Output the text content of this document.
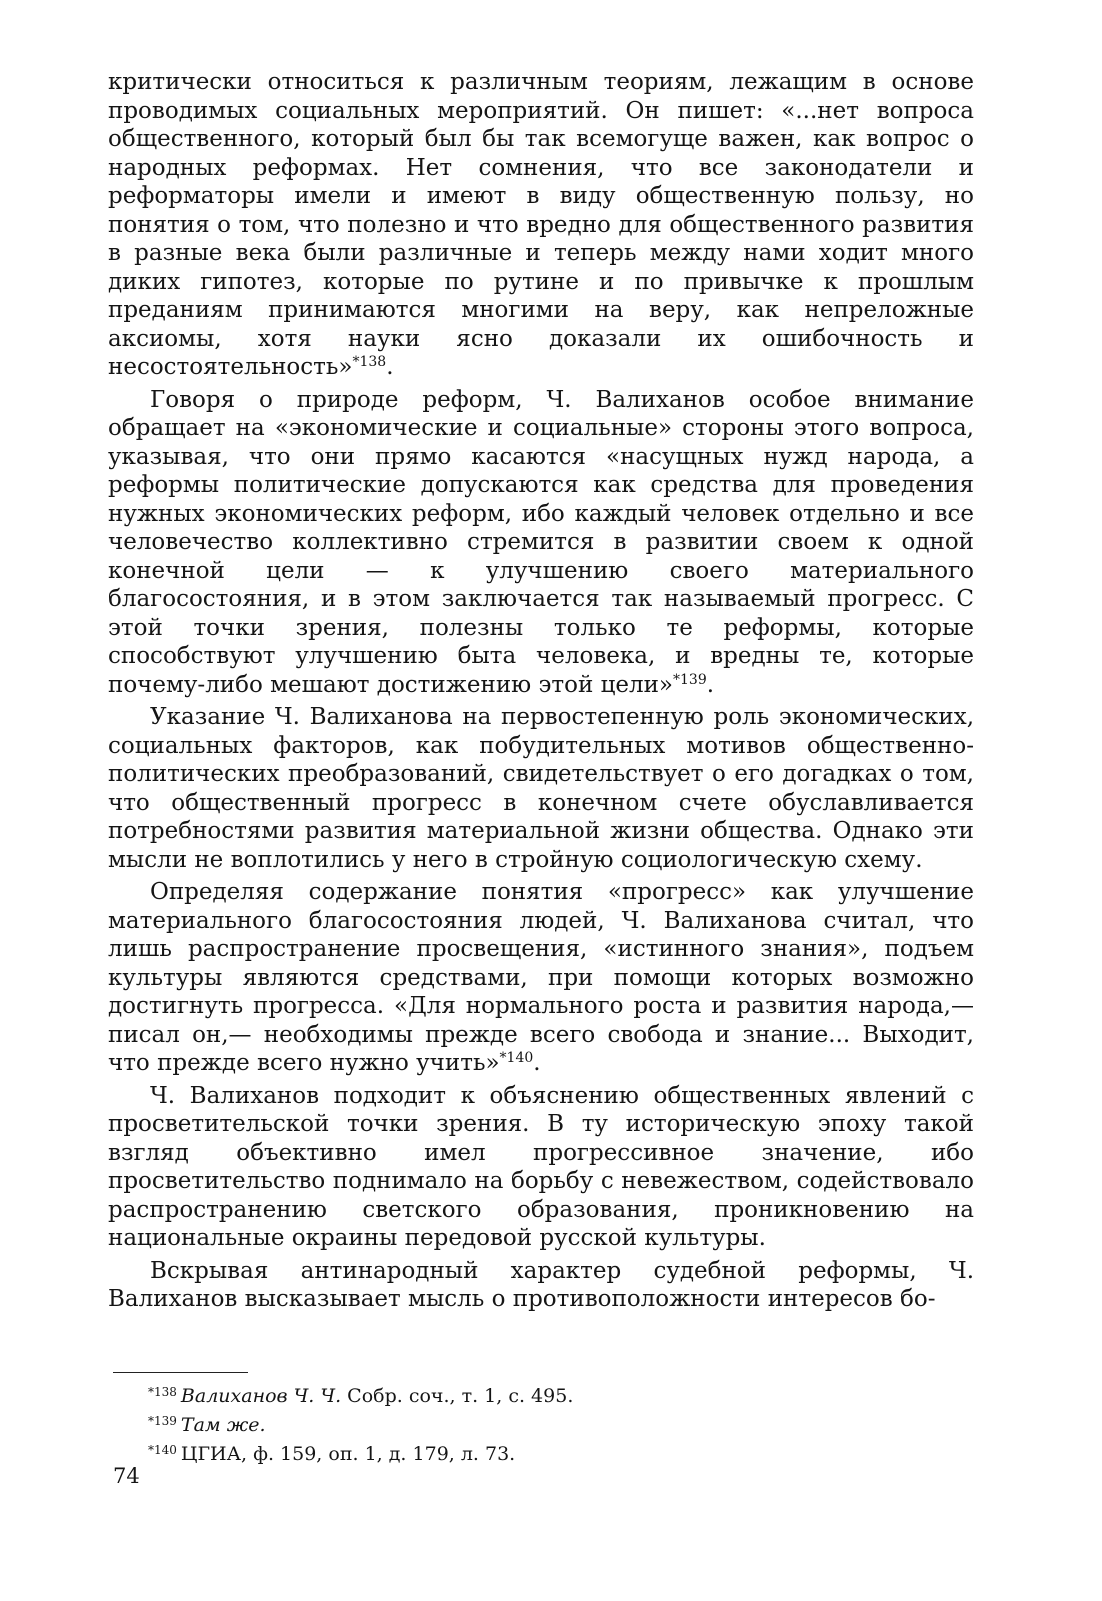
критически относиться к различным теориям, лежащим в основе проводимых социальных мероприятий. Он пишет: «...нет вопроса общественного, который был бы так всемогуще важен, как вопрос о народных реформах. Нет сомнения, что все законодатели и реформаторы имели и имеют в виду общественную пользу, но понятия о том, что полезно и что вредно для общественного развития в разные века были различные и теперь между нами ходит много диких гипотез, которые по рутине и по привычке к прошлым преданиям принимаются многими на веру, как непреложные аксиомы, хотя науки ясно доказали их ошибочность и несостоятельность»$^{*138}$.

Говоря о природе реформ, Ч. Валиханов особое внимание обращает на «экономические и социальные» стороны этого вопроса, указывая, что они прямо касаются «насущных нужд народа, а реформы политические допускаются как средства для проведения нужных экономических реформ, ибо каждый человек отдельно и все человечество коллективно стремится в развитии своем к одной конечной цели — к улучшению своего материального благосостояния, и в этом заключается так называемый прогресс. С этой точки зрения, полезны только те реформы, которые способствуют улучшению быта человека, и вредны те, которые почему-либо мешают достижению этой цели»$^{*139}$.

Указание Ч. Валиханова на первостепенную роль экономических, социальных факторов, как побудительных мотивов общественно-политических преобразований, свидетельствует о его догадках о том, что общественный прогресс в конечном счете обуславливается потребностями развития материальной жизни общества. Однако эти мысли не воплотились у него в стройную социологическую схему.

Определяя содержание понятия «прогресс» как улучшение материального благосостояния людей, Ч. Валиханова считал, что лишь распространение просвещения, «истинного знания», подъем культуры являются средствами, при помощи которых возможно достигнуть прогресса. «Для нормального роста и развития народа,— писал он,— необходимы прежде всего свобода и знание... Выходит, что прежде всего нужно учить»$^{*140}$.

Ч. Валиханов подходит к объяснению общественных явлений с просветительской точки зрения. В ту историческую эпоху такой взгляд объективно имел прогрессивное значение, ибо просветительство поднимало на борьбу с невежеством, содействовало распространению светского образования, проникновению на национальные окраины передовой русской культуры.

Вскрывая антинародный характер судебной реформы, Ч. Валиханов высказывает мысль о противоположности интересов бо-

$^{*138}$ Валиханов Ч. Ч. Собр. соч., т. 1, с. 495.

$^{*139}$ Там же.

$^{*140}$ ЦГИА, ф. 159, оп. 1, д. 179, л. 73.

74
